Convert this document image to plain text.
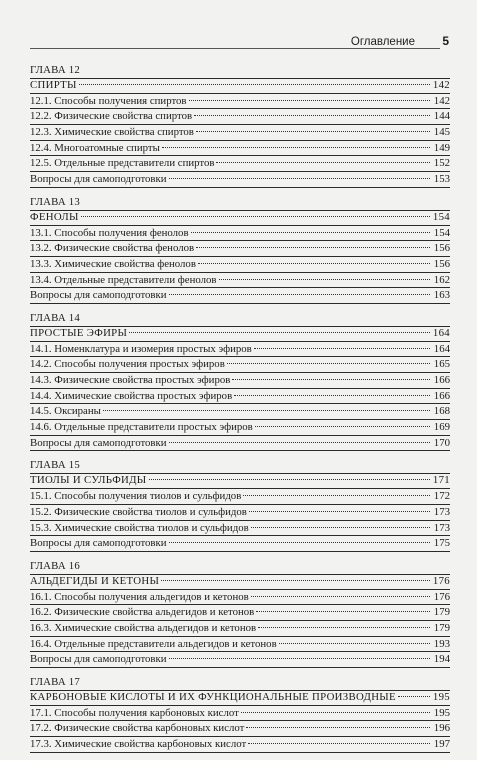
Оглавление 5
ГЛАВА 12
СПИРТЫ	142
12.1. Способы получения спиртов	142
12.2. Физические свойства спиртов	144
12.3. Химические свойства спиртов	145
12.4. Многоатомные спирты	149
12.5. Отдельные представители спиртов	152
Вопросы для самоподготовки	153
ГЛАВА 13
ФЕНОЛЫ	154
13.1. Способы получения фенолов	154
13.2. Физические свойства фенолов	156
13.3. Химические свойства фенолов	156
13.4. Отдельные представители фенолов	162
Вопросы для самоподготовки	163
ГЛАВА 14
ПРОСТЫЕ ЭФИРЫ	164
14.1. Номенклатура и изомерия простых эфиров	164
14.2. Способы получения простых эфиров	165
14.3. Физические свойства простых эфиров	166
14.4. Химические свойства простых эфиров	166
14.5. Оксираны	168
14.6. Отдельные представители простых эфиров	169
Вопросы для самоподготовки	170
ГЛАВА 15
ТИОЛЫ И СУЛЬФИДЫ	171
15.1. Способы получения тиолов и сульфидов	172
15.2. Физические свойства тиолов и сульфидов	173
15.3. Химические свойства тиолов и сульфидов	173
Вопросы для самоподготовки	175
ГЛАВА 16
АЛЬДЕГИДЫ И КЕТОНЫ	176
16.1. Способы получения альдегидов и кетонов	176
16.2. Физические свойства альдегидов и кетонов	179
16.3. Химические свойства альдегидов и кетонов	179
16.4. Отдельные представители альдегидов и кетонов	193
Вопросы для самоподготовки	194
ГЛАВА 17
КАРБОНОВЫЕ КИСЛОТЫ И ИХ ФУНКЦИОНАЛЬНЫЕ ПРОИЗВОДНЫЕ	195
17.1. Способы получения карбоновых кислот	195
17.2. Физические свойства карбоновых кислот	196
17.3. Химические свойства карбоновых кислот	197
